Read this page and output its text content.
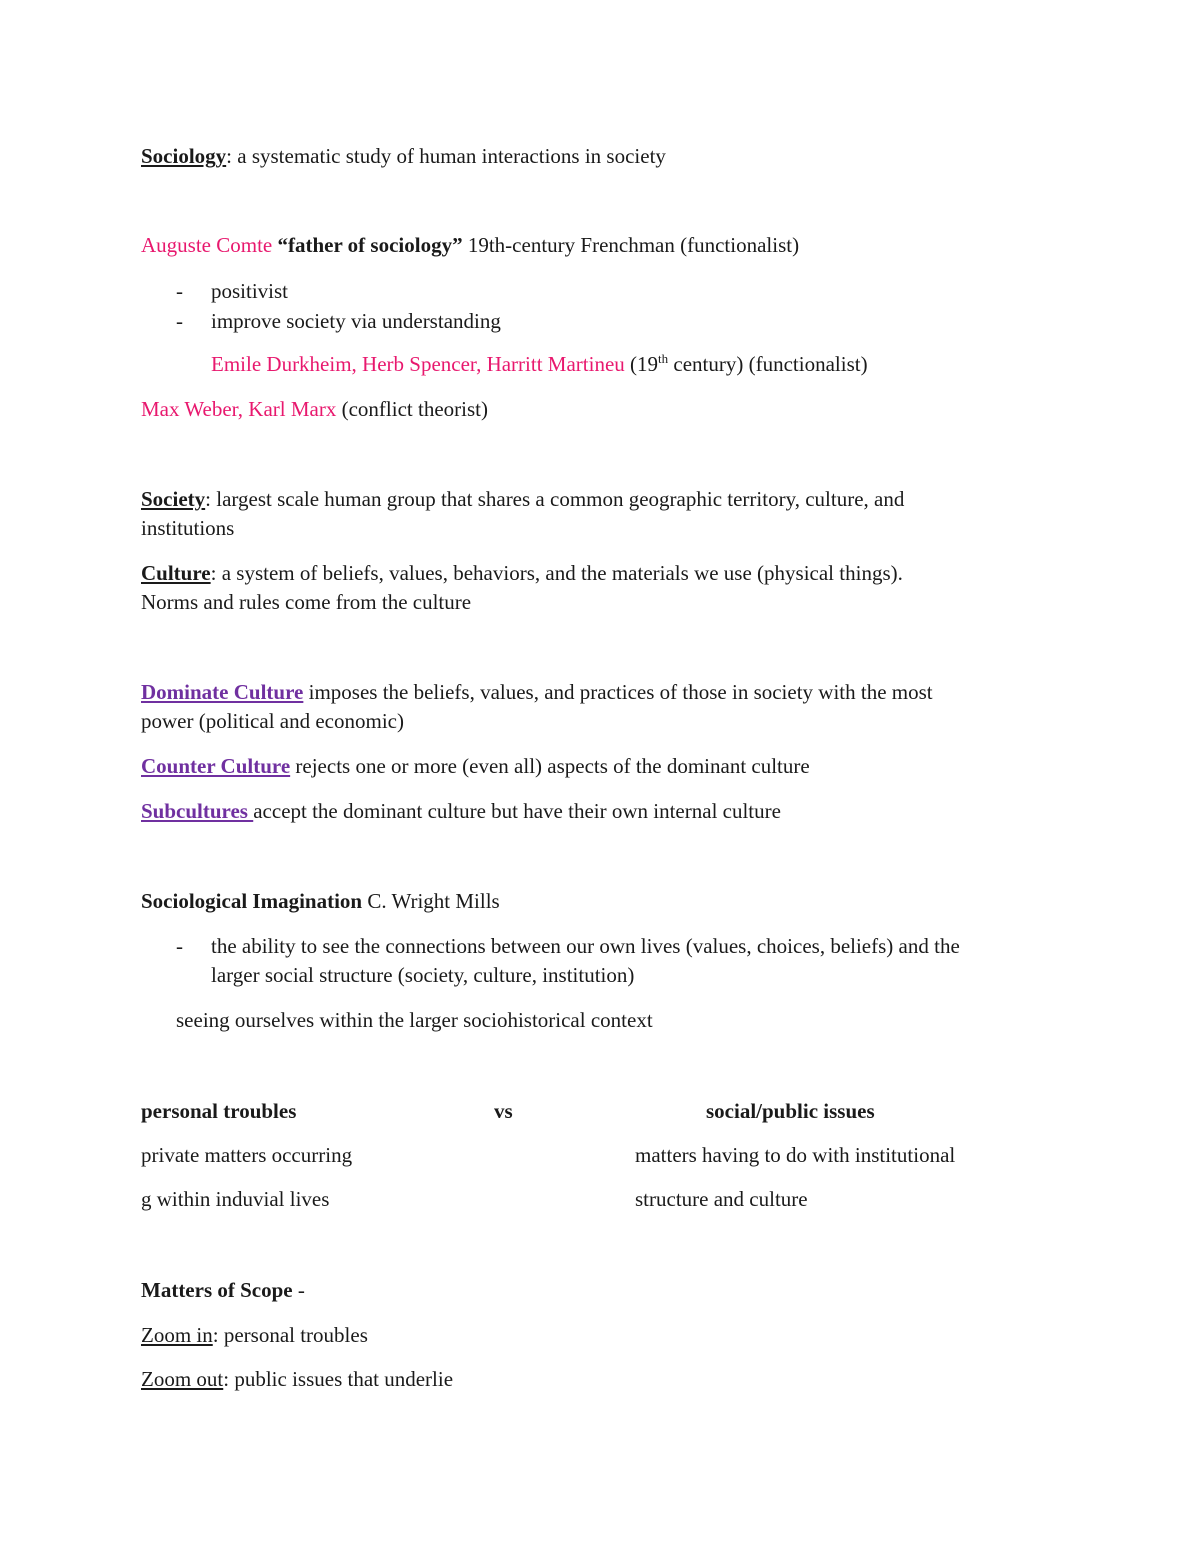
Sociology: a systematic study of human interactions in society
Auguste Comte “father of sociology” 19th-century Frenchman (functionalist)
- positivist
- improve society via understanding
Emile Durkheim, Herb Spencer, Harritt Martineu (19th century) (functionalist)
Max Weber, Karl Marx (conflict theorist)
Society: largest scale human group that shares a common geographic territory, culture, and
institutions
Culture: a system of beliefs, values, behaviors, and the materials we use (physical things).
Norms and rules come from the culture
Dominate Culture imposes the beliefs, values, and practices of those in society with the most
power (political and economic)
Counter Culture rejects one or more (even all) aspects of the dominant culture
Subcultures accept the dominant culture but have their own internal culture
Sociological Imagination C. Wright Mills
- the ability to see the connections between our own lives (values, choices, beliefs) and the
larger social structure (society, culture, institution)
seeing ourselves within the larger sociohistorical context
personal troubles	vs	social/public issues
private matters occurring	matters having to do with institutional
g within induvial lives	structure and culture
Matters of Scope -
Zoom in: personal troubles
Zoom out: public issues that underlie
